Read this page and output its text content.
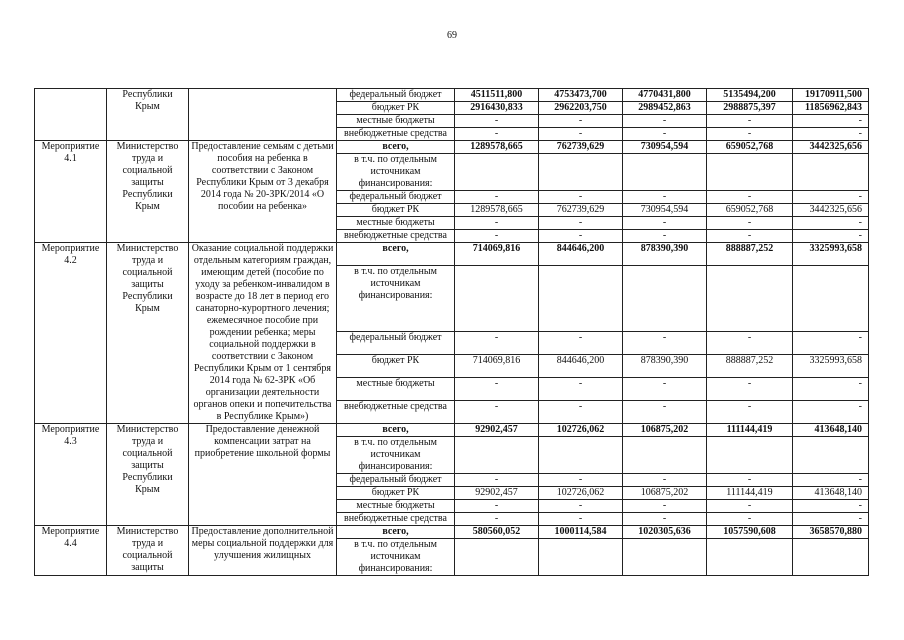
69
	Республики Крым		федеральный бюджет	4511511,800	4753473,700	4770431,800	5135494,200	19170911,500
			бюджет РК	2916430,833	2962203,750	2989452,863	2988875,397	11856962,843
			местные бюджеты	-	-	-	-	-
			внебюджетные средства	-	-	-	-	-
Мероприятие 4.1	Министерство труда и социальной защиты Республики Крым	Предоставление семьям с детьми пособия на ребенка в соответствии с Законом Республики Крым от 3 декабря 2014 года № 20-ЗРК/2014 «О пособии на ребенка»	всего,	1289578,665	762739,629	730954,594	659052,768	3442325,656
			в т.ч. по отдельным источникам финансирования:					
			федеральный бюджет	-	-	-	-	-
			бюджет РК	1289578,665	762739,629	730954,594	659052,768	3442325,656
			местные бюджеты	-	-	-	-	-
			внебюджетные средства	-	-	-	-	-
Мероприятие 4.2	Министерство труда и социальной защиты Республики Крым	Оказание социальной поддержки отдельным категориям граждан, имеющим детей (пособие по уходу за ребенком-инвалидом в возрасте до 18 лет в период его санаторно-курортного лечения; ежемесячное пособие при рождении ребенка; меры социальной поддержки в соответствии с Законом Республики Крым от 1 сентября 2014 года № 62-ЗРК «Об организации деятельности органов опеки и попечительства в Республике Крым»)	всего,	714069,816	844646,200	878390,390	888887,252	3325993,658
			в т.ч. по отдельным источникам финансирования:					
			федеральный бюджет	-	-	-	-	-
			бюджет РК	714069,816	844646,200	878390,390	888887,252	3325993,658
			местные бюджеты	-	-	-	-	-
			внебюджетные средства	-	-	-	-	-
Мероприятие 4.3	Министерство труда и социальной защиты Республики Крым	Предоставление денежной компенсации затрат на приобретение школьной формы	всего,	92902,457	102726,062	106875,202	111144,419	413648,140
			в т.ч. по отдельным источникам финансирования:					
			федеральный бюджет	-	-	-	-	-
			бюджет РК	92902,457	102726,062	106875,202	111144,419	413648,140
			местные бюджеты	-	-	-	-	-
			внебюджетные средства	-	-	-	-	-
Мероприятие 4.4	Министерство труда и социальной защиты	Предоставление дополнительной меры социальной поддержки для улучшения жилищных	всего,	580560,052	1000114,584	1020305,636	1057590,608	3658570,880
			в т.ч. по отдельным источникам финансирования:					
